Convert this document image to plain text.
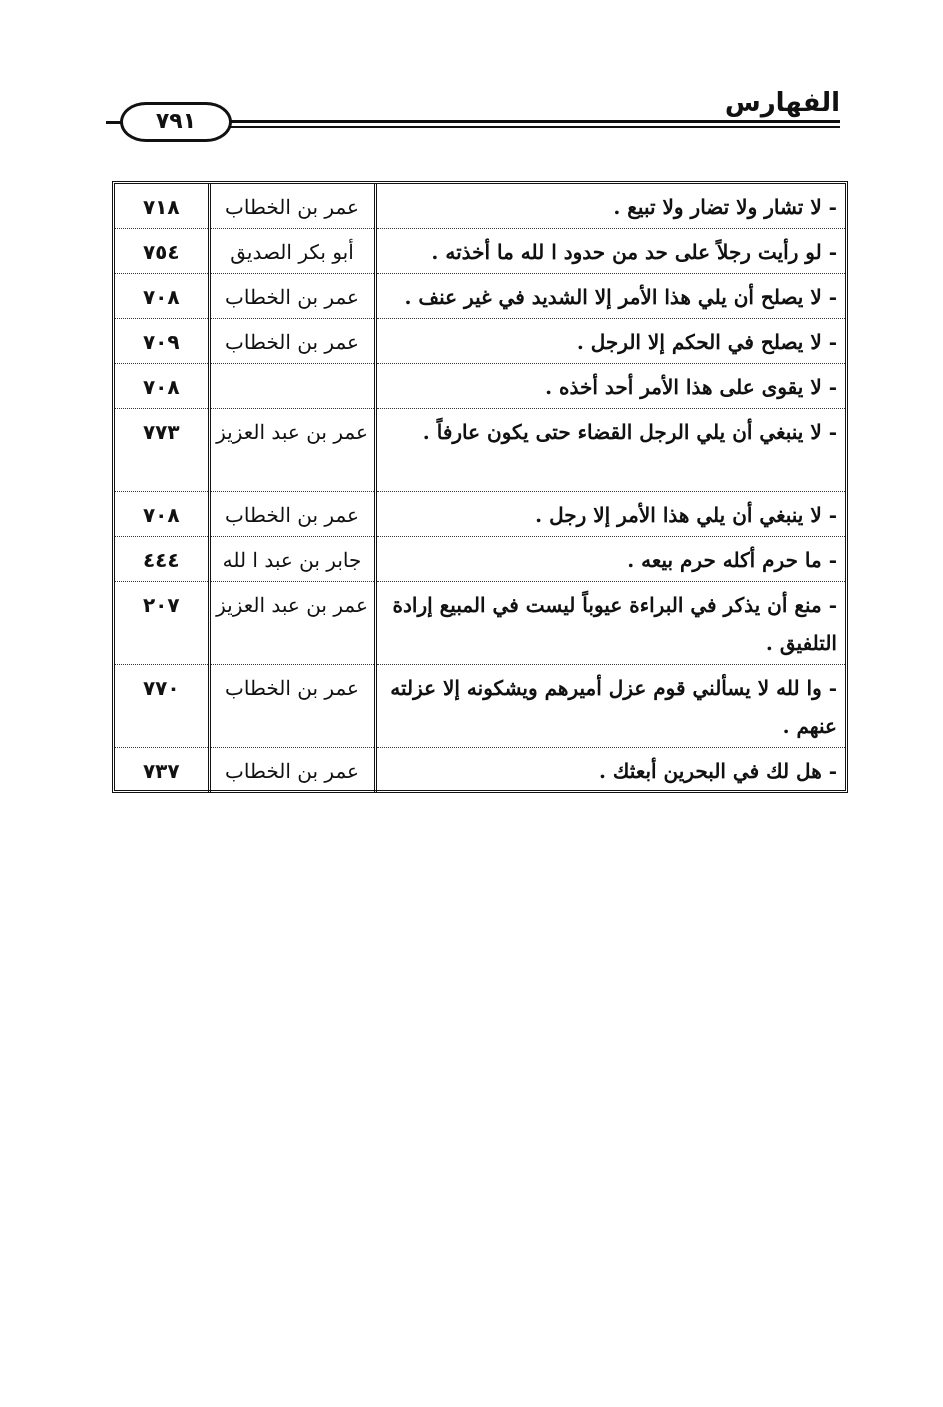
الفهارس
٧٩١
- لا تشار ولا تضار ولا تبيع .	عمر بن الخطاب	٧١٨
- لو رأيت رجلاً على حد من حدود ا لله ما أخذته .	أبو بكر الصديق	٧٥٤
- لا يصلح أن يلي هذا الأمر إلا الشديد في غير عنف .	عمر بن الخطاب	٧٠٨
- لا يصلح في الحكم إلا الرجل .	عمر بن الخطاب	٧٠٩
- لا يقوى على هذا الأمر أحد أخذه .		٧٠٨
- لا ينبغي أن يلي الرجل القضاء حتى يكون عارفاً .	عمر بن عبد العزيز	٧٧٣
- لا ينبغي أن يلي هذا الأمر إلا رجل .	عمر بن الخطاب	٧٠٨
- ما حرم أكله حرم بيعه .	جابر بن عبد ا لله	٤٤٤
- منع أن يذكر في البراءة عيوباً ليست في المبيع إرادة التلفيق .	عمر بن عبد العزيز	٢٠٧
- وا لله لا يسألني قوم عزل أميرهم ويشكونه إلا عزلته عنهم .	عمر بن الخطاب	٧٧٠
- هل لك في البحرين أبعثك .	عمر بن الخطاب	٧٣٧
